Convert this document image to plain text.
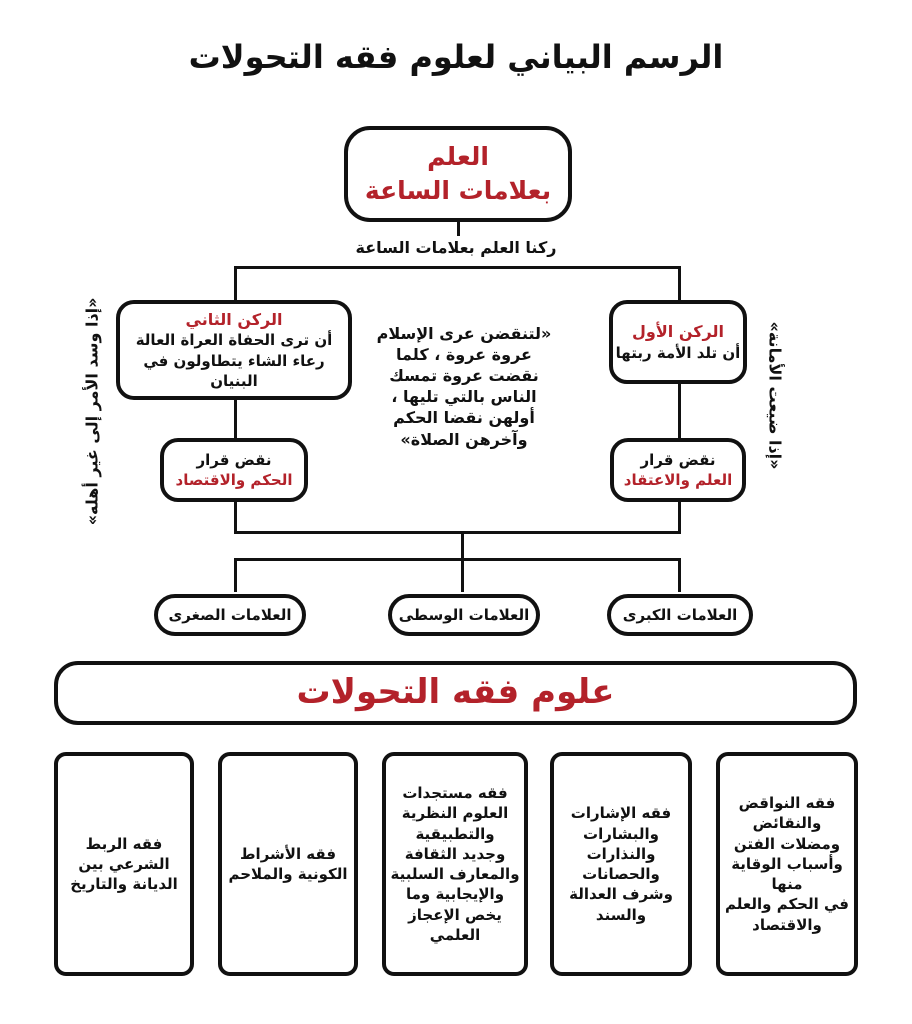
الرسم البياني لعلوم فقه التحولات
العلم
بعلامات الساعة
ركنا العلم بعلامات الساعة
الركن الثاني
أن ترى الحفاة العراة العالة
رعاء الشاء يتطاولون في البنيان
الركن الأول
أن تلد الأمة ربتها
«لتنقضن عرى الإسلام
عروة عروة ، كلما
نقضت عروة تمسك
الناس بالتي تليها ،
أولهن نقضا الحكم
وآخرهن الصلاة»
«إذا وسد الأمر إلى غير أهله»	«إذا ضيعت الأمانة»
نقض قرار
الحكم والاقتصاد
نقض قرار
العلم والاعتقاد
العلامات الصغرى	العلامات الوسطى	العلامات الكبرى
علوم فقه التحولات
فقه الربط
الشرعي بين
الديانة والتاريخ
فقه الأشراط
الكونية والملاحم
فقه مستجدات
العلوم النظرية
والتطبيقية
وجديد الثقافة
والمعارف السلبية
والإيجابية وما
يخص الإعجاز
العلمي
فقه الإشارات
والبشارات
والنذارات
والحصانات
وشرف العدالة
والسند
فقه النواقض
والنقائض
ومضلات الفتن
وأسباب الوقاية
منها
في الحكم والعلم
والاقتصاد
